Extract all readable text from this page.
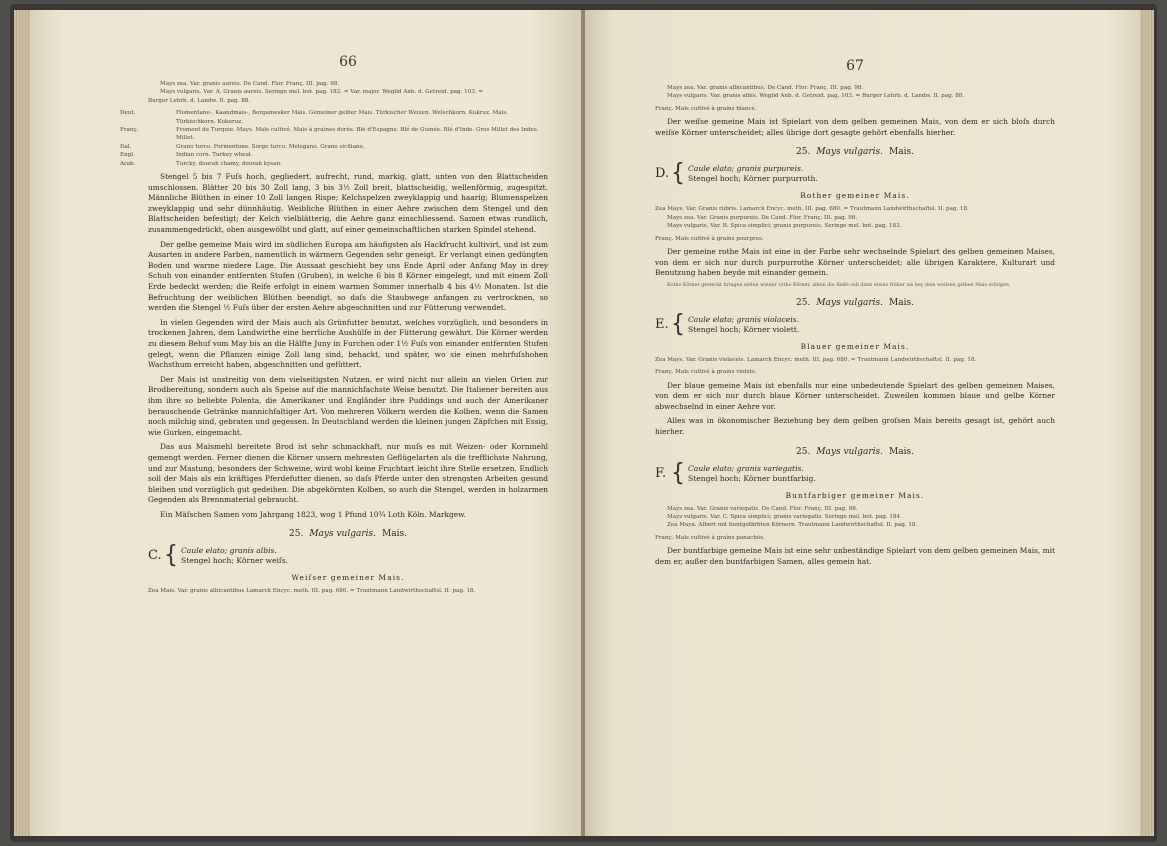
66
Mays zea. Var. granis aureis. De Cand. Flor. Franç. III. pag. 98.
Mays vulgaris. Var. A. Granis aureis. Seringe mel. bot. pag. 182. = Var. major. Weglid Anb. d. Getreid. pag. 103. =
Burger Lehrb. d. Landw. II. pag. 88.
Deut.	Flomentane-, Kaandmais-, Bergamesker Mais. Gemeiner gelber Mais. Türkischer Weizen. Welschkorn. Kukruz. Mais. Türkischkorn. Kukuruz.
Franç.	Froment de Turquie. Mays. Maïs cultivé. Maïs à graines dorés. Blé d'Espagne. Blé de Guinée. Blé d'Inde. Gros Millet des Indes. Millet.
Ital.	Grano turco. Formentone. Sorgo turco. Melegano. Grano siciliano,
Engl.	Indian corn. Turkey wheat.
Arab.	Turcky, dourah chamy, dourah kysan.

Stengel 5 bis 7 Fuſs hoch, gegliedert, aufrecht, rund, markig, glatt, unten von den Blattscheiden umschlossen. Blätter 20 bis 30 Zoll lang, 3 bis 3½ Zoll breit, blattscheidig, wellenförmig, zugespitzt. Männliche Blüthen in einer 10 Zoll langen Rispe; Kelchspelzen zweyklappig und haarig; Blumenspelzen zweyklappig und sehr dünnhäutig. Weibliche Blüthen in einer Aehre zwischen dem Stengel und den Blattscheiden befestigt; der Kelch vielblätterig, die Aehre ganz einschliessend. Samen etwas rundlich, zusammengedrückt, oben ausgewölbt und glatt, auf einer gemeinschaftlichen starken Spindel stehend.

Der gelbe gemeine Mais wird im südlichen Europa am häufigsten als Hackfrucht kultivirt, und ist zum Ausarten in andere Farben, namentlich in wärmern Gegenden sehr geneigt. Er verlangt einen gedüngten Boden und warme niedere Lage. Die Aussaat geschieht bey uns Ende April oder Anfang May in drey Schuh von einander entfernten Stufen (Gruben), in welche 6 bis 8 Körner eingelegt, und mit einem Zoll Erde bedeckt werden; die Reife erfolgt in einem warmen Sommer innerhalb 4 bis 4½ Monaten. Ist die Befruchtung der weiblichen Blüthen beendigt, so daſs die Staubwege anfangen zu vertrocknen, so werden die Stengel ½ Fuſs über der ersten Aehre abgeschnitten und zur Fütterung verwendet.

In vielen Gegenden wird der Mais auch als Grünfutter benutzt, welches vorzüglich, und besonders in trockenen Jahren, dem Landwirthe eine herrliche Aushülfe in der Fütterung gewährt. Die Körner werden zu diesem Behuf vom May bis an die Hälfte Juny in Furchen oder 1½ Fuſs von einander entfernten Stufen gelegt, wenn die Pflanzen einige Zoll lang sind, behackt, und später, wo sie einen mehrfuſshohen Wachsthum erreicht haben, abgeschnitten und gefüttert.

Der Mais ist unstreitig von dem vielseitigsten Nutzen, er wird nicht nur allein an vielen Orten zur Brodbereitung, sondern auch als Speise auf die mannichfachste Weise benutzt. Die Italiener bereiten aus ihm ihre so beliebte Polenta, die Amerikaner und Engländer ihre Puddings und auch der Amerikaner berauschende Getränke mannichfaltiger Art. Von mehreren Völkern werden die Kolben, wenn die Samen noch milchig sind, gebraten und gegessen. In Deutschland werden die kleinen jungen Zäpfchen mit Essig, wie Gurken, eingemacht.

Das aus Maismehl bereitete Brod ist sehr schmackhaft, nur muſs es mit Weizen- oder Kornmehl gemengt werden. Ferner dienen die Körner unsern mehresten Geflügelarten als die trefflichste Nahrung, und zur Mastung, besonders der Schweine, wird wohl keine Fruchtart leicht ihre Stelle ersetzen. Endlich soll der Mais als ein kräftiges Pferdefutter dienen, so daſs Pferde unter den strengsten Arbeiten gesund bleiben und vorzüglich gut gedeihen. Die abgekörnten Kolben, so auch die Stengel, werden in holzarmen Gegenden als Brennmaterial gebraucht.

Ein Mäſschen Samen vom Jahrgang 1823, wog 1 Pfund 10¾ Loth Köln. Markgew.

25. Mays vulgaris. Mais.
C. { Caule elato; granis albis.
Stengel hoch; Körner weiſs.
Weiſser gemeiner Mais.
Zea Mais. Var. granis albicantibus Lamarck Encyc. meth. III. pag. 680. = Trautmann Landwirthschaftsl. II. pag. 18.
67
Mays zea. Var. granis albicantibus. De Cand. Flor. Franç. III. pag. 98.
Mays vulgaris. Var. granis albis. Weglid Anb. d. Getreid. pag. 103. = Burger Lehrb. d. Landw. II. pag. 88.
Franç. Maïs cultivé à grains blancs.

Der weiſse gemeine Mais ist Spielart von dem gelben gemeinen Mais, von dem er sich bloſs durch weiſse Körner unterscheidet; alles übrige dort gesagte gehört ebenfalls hierher.

25. Mays vulgaris. Mais.
D. { Caule elato; granis purpureis.
Stengel hoch; Körner purpurroth.
Rother gemeiner Mais.
Zea Mays. Var. Granis rubris. Lamarck Encyc. meth. III. pag. 680. = Trautmann Landwirthschaftsl. II. pag. 18.
Mays zea. Var. Granis purpureis. De Cand. Flor. Franç. III. pag. 98.
Mays vulgaris. Var. B. Spica simplici; granis purpureis. Seringe mel. bot. pag. 183.
Franç. Maïs cultivé à grains pourpres.

Der gemeine rothe Mais ist eine in der Farbe sehr wechselnde Spielart des gelben gemeinen Maises, von dem er sich nur durch purpurrothe Körner unterscheidet; alle übrigen Karaktere, Kulturart und Benutzung haben beyde mit einander gemein.

Rothe Körner gesteckt bringen selten wieder rothe Körner, allein die Reife soll dann etwas früher als bey dem weiſsen gelben Mais erfolgen.
25. Mays vulgaris. Mais.
E. { Caule elato; granis violaceis.
Stengel hoch; Körner violett.
Blauer gemeiner Mais.
Zea Mays. Var. Granis violaceis. Lamarck Encyc. meth. III. pag. 680. = Trautmann Landwirthschaftsl. II. pag. 18.
Franç. Maïs cultivé à grains violets.

Der blaue gemeine Mais ist ebenfalls nur eine unbedeutende Spielart des gelben gemeinen Maises, von dem er sich nur durch blaue Körner unterscheidet. Zuweilen kommen blaue und gelbe Körner abwechselnd in einer Aehre vor.

Alles was in ökonomischer Beziehung bey dem gelben groſsen Mais bereits gesagt ist, gehört auch hierher.

25. Mays vulgaris. Mais.
F. { Caule elato; granis variegatis.
Stengel hoch; Körner buntfarbig.
Buntfarbiger gemeiner Mais.
Mays zea. Var. Granis variegatis. De Cand. Flor. Franç. III. pag. 98.
Mays vulgaris. Var. C. Spica simplici; granis variegatis. Seringe mel. bot. pag. 184.
Zea Maya. Albert mit buntgefärbten Körnern. Trautmann Landwirthschaftsl. II. pag. 18.
Franç. Maïs cultivé à grains panachés.

Der buntfarbige gemeine Mais ist eine sehr unbeständige Spielart von dem gelben gemeinen Mais, mit dem er, außer den buntfarbigen Samen, alles gemein hat.
